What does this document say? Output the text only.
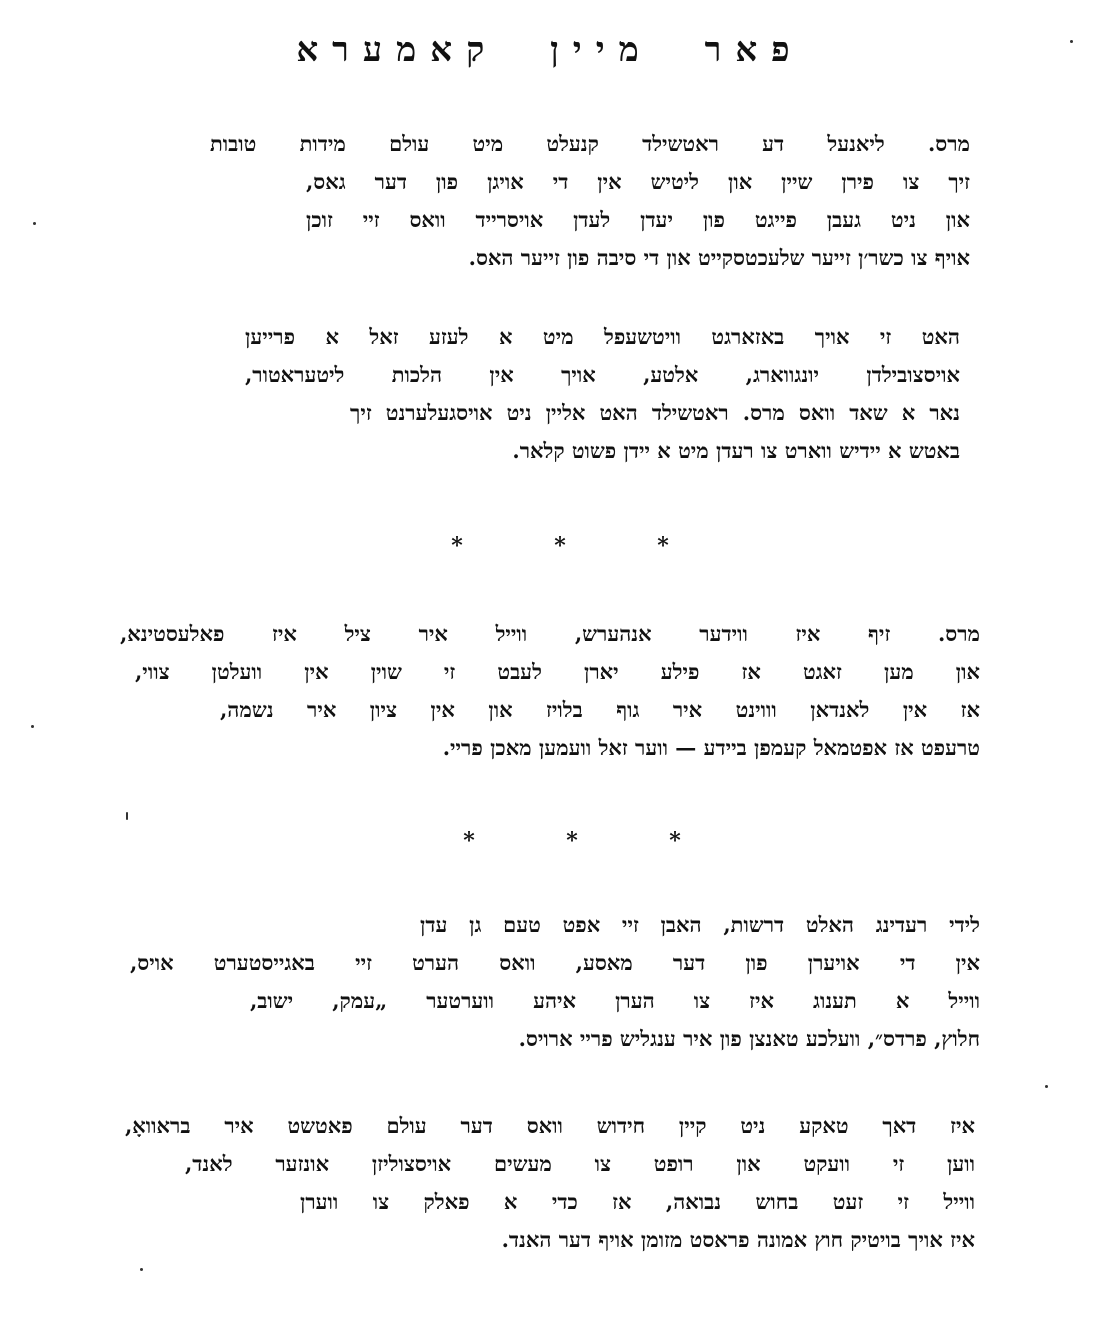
פאר מיין קאמערא
מרס. ליאנעל דע ראטשילד קנעלט מיט עולם מידות טובות
זיך צו פירן שיין און ליטיש אין די אויגן פון דער גאס,
און ניט געבן פייגט פון יעדן לעדן אויסרייד וואס זיי זוכן
אויף צו כשר׳ן זייער שלעכטסקייט און די סיבה פון זייער האס.
האט זי אויך באזארגט וויטשעפל מיט א לעזע זאל א פרייען
אויסצובילדן יונגווארג, אלטע, אויך אין הלכות ליטעראטור,
נאר א שאד וואס מרס. ראטשילד האט אליין ניט אויסגעלערנט זיך
באטש א יידיש ווארט צו רעדן מיט א יידן פשוט קלאר.
*	*	*
מרס. זיף איז ווידער אנהערש, ווייל איר ציל איז פאלעסטינא,
און מען זאגט אז פילע יארן לעבט זי שוין אין וועלטן צווי,
אז אין לאנדאן וווינט איר גוף בלויז און אין ציון איר נשמה,
טרעפט אז אפטמאל קעמפן ביידע — ווער זאל וועמען מאכן פריי.
*	*	*
לידי רעדינג האלט דרשות, האבן זיי אפט טעם גן עדן
אין די אויערן פון דער מאסע, וואס הערט זיי באגייסטערט אויס,
ווייל א תענוג איז צו הערן איהע ווערטער „עמק, ישוב,
חלוץ, פרדס״, וועלכע טאנצן פון איר ענגליש פריי ארויס.
איז דאך טאקע ניט קיין חידוש וואס דער עולם פאטשט איר בראוואָ,
ווען זי וועקט און רופט צו מעשים אויסצוליזן אונזער לאנד,
ווייל זי זעט בחוש נבואה, אז כדי א פאלק צו ווערן
איז אויך בויטיק חוץ אמונה פראסט מזומן אויף דער האנד.
